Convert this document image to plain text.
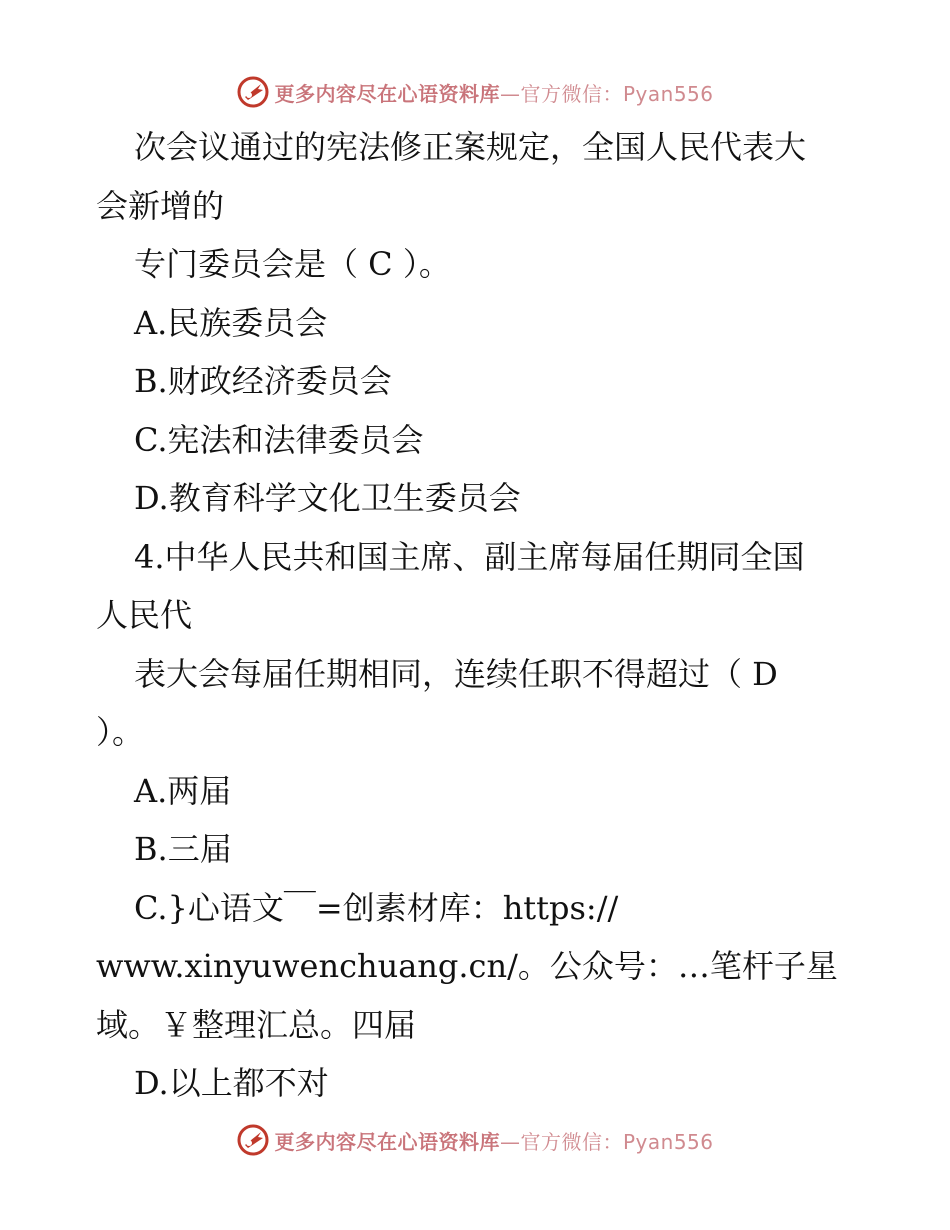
更多内容尽在心语资料库—官方微信：Pyan556
次会议通过的宪法修正案规定，全国人民代表大
会新增的
专门委员会是（ C ）。
A.民族委员会
B.财政经济委员会
C.宪法和法律委员会
D.教育科学文化卫生委员会
4.中华人民共和国主席、副主席每届任期同全国
人民代
表大会每届任期相同，连续任职不得超过（ D
）。
A.两届
B.三届
C.}心语文￣=创素材库：https://
www.xinyuwenchuang.cn/。公众号：…笔杆子星
域。￥整理汇总。四届
D.以上都不对
更多内容尽在心语资料库—官方微信：Pyan556
